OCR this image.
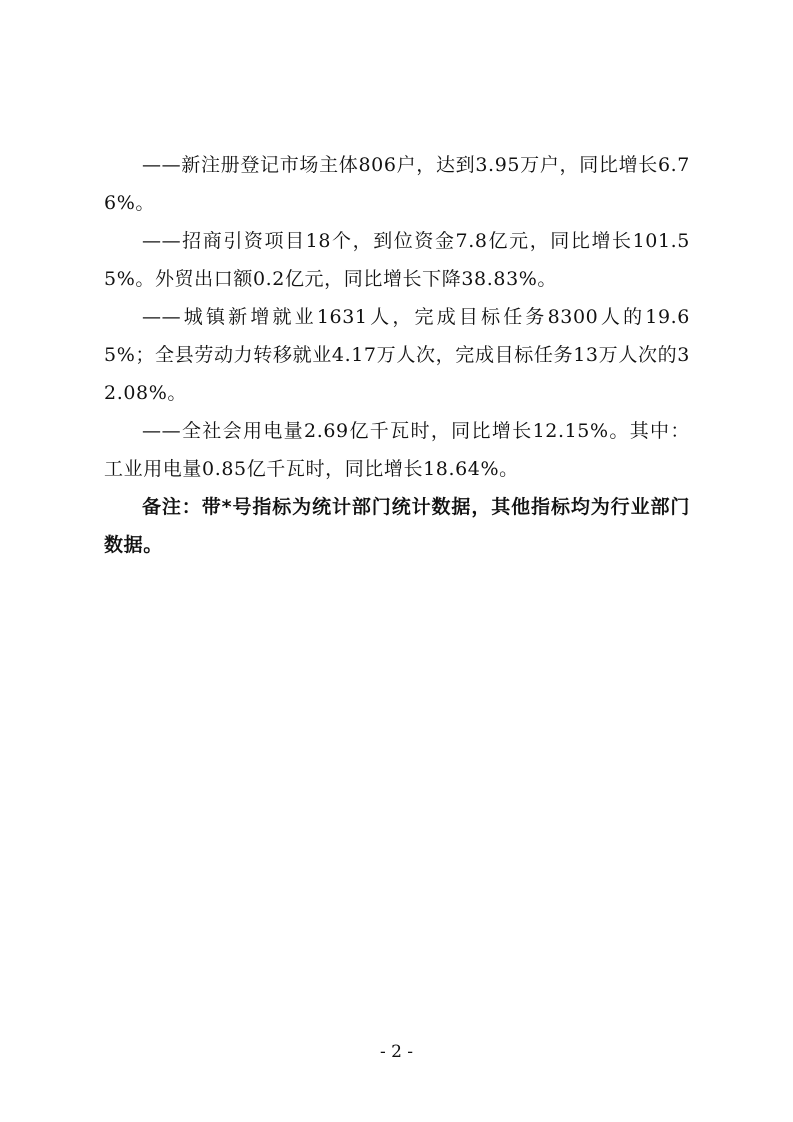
——新注册登记市场主体806户，达到3.95万户，同比增长6.76%。

——招商引资项目18个，到位资金7.8亿元，同比增长101.55%。外贸出口额0.2亿元，同比增长下降38.83%。

——城镇新增就业1631人，完成目标任务8300人的19.65%；全县劳动力转移就业4.17万人次，完成目标任务13万人次的32.08%。

——全社会用电量2.69亿千瓦时，同比增长12.15%。其中：工业用电量0.85亿千瓦时，同比增长18.64%。

备注：带*号指标为统计部门统计数据，其他指标均为行业部门数据。

- 2 -
